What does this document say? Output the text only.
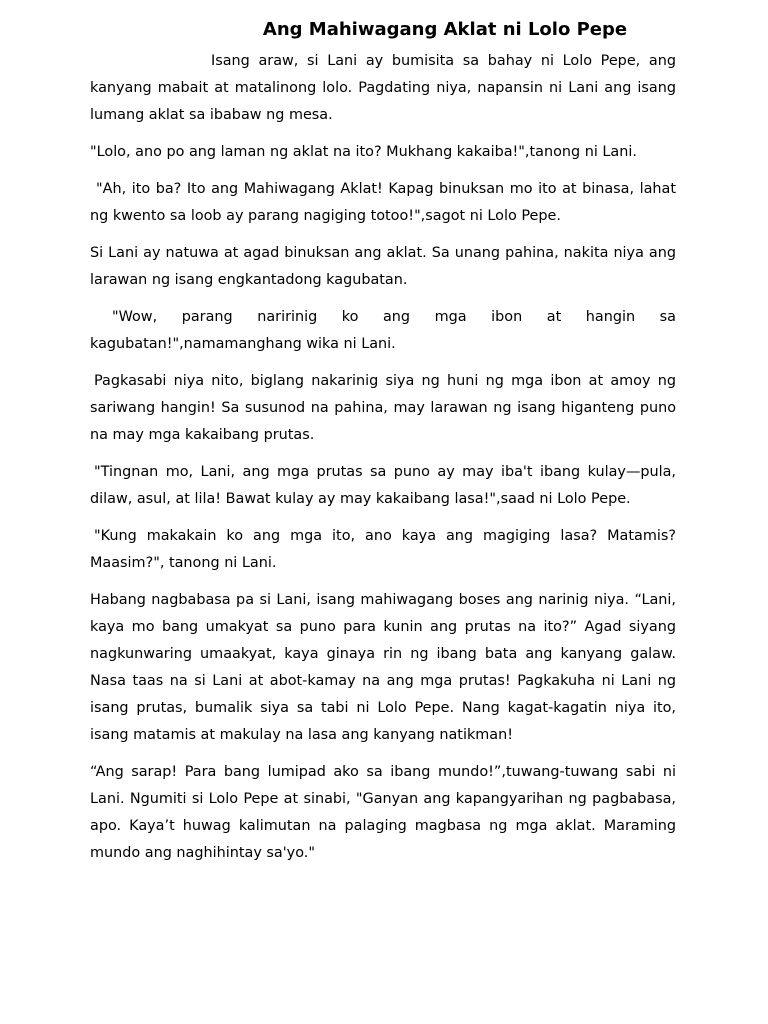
Ang Mahiwagang Aklat ni Lolo Pepe

Isang araw, si Lani ay bumisita sa bahay ni Lolo Pepe, ang kanyang mabait at matalinong lolo. Pagdating niya, napansin ni Lani ang isang lumang aklat sa ibabaw ng mesa.

"Lolo, ano po ang laman ng aklat na ito? Mukhang kakaiba!",tanong ni Lani.

"Ah, ito ba? Ito ang Mahiwagang Aklat! Kapag binuksan mo ito at binasa, lahat ng kwento sa loob ay parang nagiging totoo!",sagot ni Lolo Pepe.

Si Lani ay natuwa at agad binuksan ang aklat. Sa unang pahina, nakita niya ang larawan ng isang engkantadong kagubatan.

"Wow, parang naririnig ko ang mga ibon at hangin sa kagubatan!",namamanghang wika ni Lani.

Pagkasabi niya nito, biglang nakarinig siya ng huni ng mga ibon at amoy ng sariwang hangin! Sa susunod na pahina, may larawan ng isang higanteng puno na may mga kakaibang prutas.

"Tingnan mo, Lani, ang mga prutas sa puno ay may iba't ibang kulay—pula, dilaw, asul, at lila! Bawat kulay ay may kakaibang lasa!",saad ni Lolo Pepe.

"Kung makakain ko ang mga ito, ano kaya ang magiging lasa? Matamis? Maasim?", tanong ni Lani.

Habang nagbabasa pa si Lani, isang mahiwagang boses ang narinig niya. “Lani, kaya mo bang umakyat sa puno para kunin ang prutas na ito?” Agad siyang nagkunwaring umaakyat, kaya ginaya rin ng ibang bata ang kanyang galaw. Nasa taas na si Lani at abot-kamay na ang mga prutas! Pagkakuha ni Lani ng isang prutas, bumalik siya sa tabi ni Lolo Pepe. Nang kagat-kagatin niya ito, isang matamis at makulay na lasa ang kanyang natikman!

“Ang sarap! Para bang lumipad ako sa ibang mundo!”,tuwang-tuwang sabi ni Lani. Ngumiti si Lolo Pepe at sinabi, "Ganyan ang kapangyarihan ng pagbabasa, apo. Kaya’t huwag kalimutan na palaging magbasa ng mga aklat. Maraming mundo ang naghihintay sa'yo."
